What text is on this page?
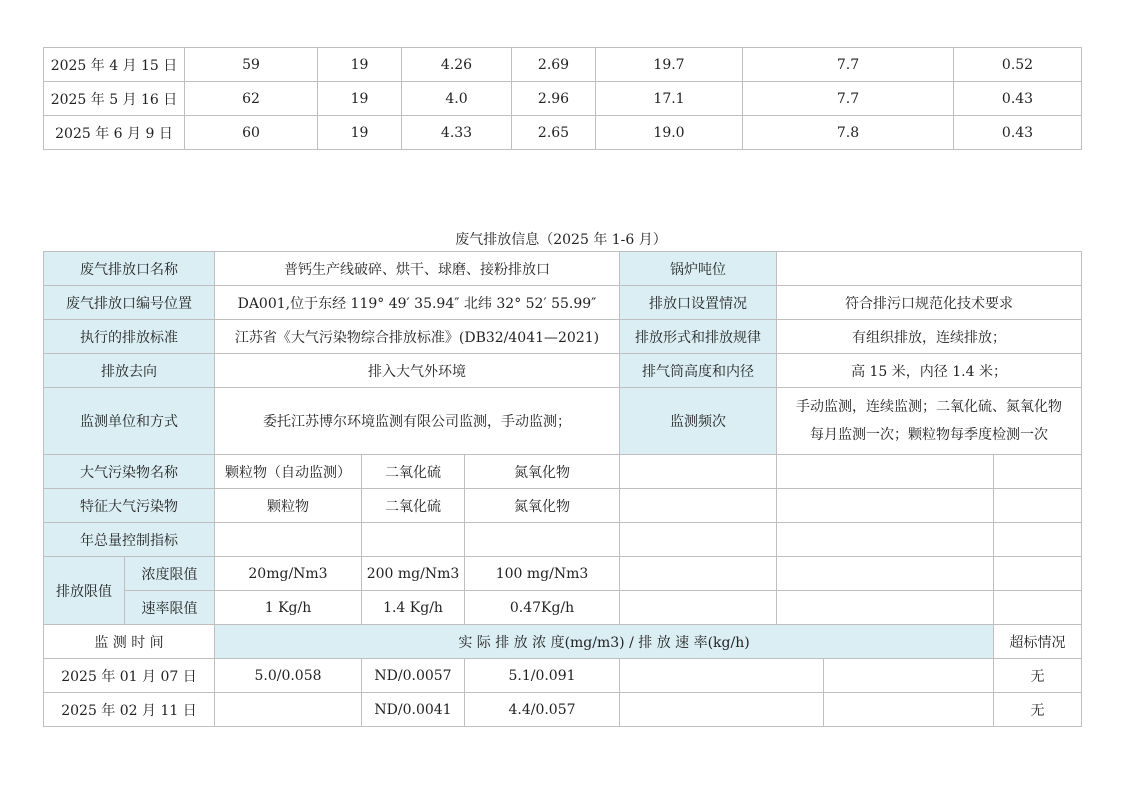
2025 年 4 月 15 日	59	19	4.26	2.69	19.7	7.7	0.52
2025 年 5 月 16 日	62	19	4.0	2.96	17.1	7.7	0.43
2025 年 6 月 9 日	60	19	4.33	2.65	19.0	7.8	0.43
废气排放信息（2025 年 1-6 月）
废气排放口名称		普钙生产线破碎、烘干、球磨、接粉排放口			锅炉吨位			
废气排放口编号位置		DA001,位于东经 119° 49′ 35.94″ 北纬 32° 52′ 55.99″			排放口设置情况	符合排污口规范化技术要求		
执行的排放标准		江苏省《大气污染物综合排放标准》(DB32/4041—2021)			排放形式和排放规律	有组织排放，连续排放；		
排放去向		排入大气外环境			排气筒高度和内径	高 15 米，内径 1.4 米；		
监测单位和方式		委托江苏博尔环境监测有限公司监测，手动监测；			监测频次	手动监测，连续监测；二氧化硫、氮氧化物
每月监测一次；颗粒物每季度检测一次		

大气污染物名称		颗粒物（自动监测）	二氧化硫	氮氧化物				
特征大气污染物		颗粒物	二氧化硫	氮氧化物				
年总量控制指标								
排放限值	浓度限值	20mg/Nm3	200 mg/Nm3	100 mg/Nm3				
	速率限值	1 Kg/h	1.4 Kg/h	0.47Kg/h				
监 测 时 间		实 际 排 放 浓 度(mg/m3) / 排 放 速 率(kg/h)						超标情况
2025 年 01 月 07 日		5.0/0.058	ND/0.0057	5.1/0.091				无
2025 年 02 月 11 日			ND/0.0041	4.4/0.057				无
